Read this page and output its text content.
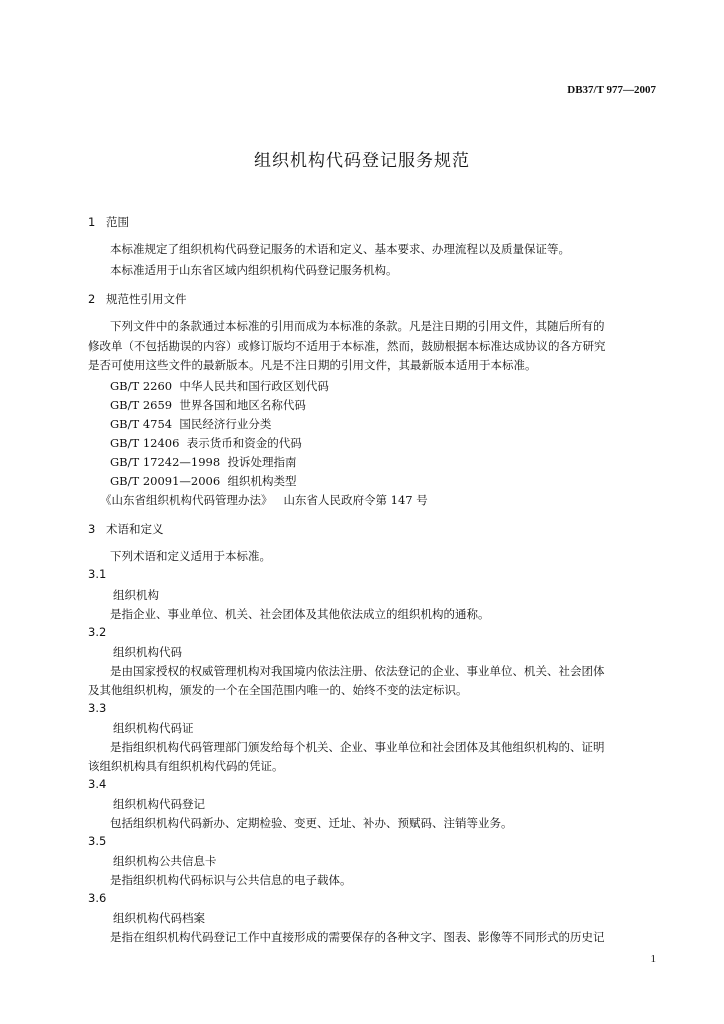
DB37/T 977—2007
组织机构代码登记服务规范
1 范围
本标准规定了组织机构代码登记服务的术语和定义、基本要求、办理流程以及质量保证等。
本标准适用于山东省区域内组织机构代码登记服务机构。
2 规范性引用文件
下列文件中的条款通过本标准的引用而成为本标准的条款。凡是注日期的引用文件，其随后所有的
修改单（不包括勘误的内容）或修订版均不适用于本标准，然而，鼓励根据本标准达成协议的各方研究
是否可使用这些文件的最新版本。凡是不注日期的引用文件，其最新版本适用于本标准。
GB/T 2260 中华人民共和国行政区划代码
GB/T 2659 世界各国和地区名称代码
GB/T 4754 国民经济行业分类
GB/T 12406 表示货币和资金的代码
GB/T 17242—1998 投诉处理指南
GB/T 20091—2006 组织机构类型
《山东省组织机构代码管理办法》 山东省人民政府令第 147 号
3 术语和定义
下列术语和定义适用于本标准。
3.1
组织机构
是指企业、事业单位、机关、社会团体及其他依法成立的组织机构的通称。
3.2
组织机构代码
是由国家授权的权威管理机构对我国境内依法注册、依法登记的企业、事业单位、机关、社会团体
及其他组织机构，颁发的一个在全国范围内唯一的、始终不变的法定标识。
3.3
组织机构代码证
是指组织机构代码管理部门颁发给每个机关、企业、事业单位和社会团体及其他组织机构的、证明
该组织机构具有组织机构代码的凭证。
3.4
组织机构代码登记
包括组织机构代码新办、定期检验、变更、迁址、补办、预赋码、注销等业务。
3.5
组织机构公共信息卡
是指组织机构代码标识与公共信息的电子载体。
3.6
组织机构代码档案
是指在组织机构代码登记工作中直接形成的需要保存的各种文字、图表、影像等不同形式的历史记
1
